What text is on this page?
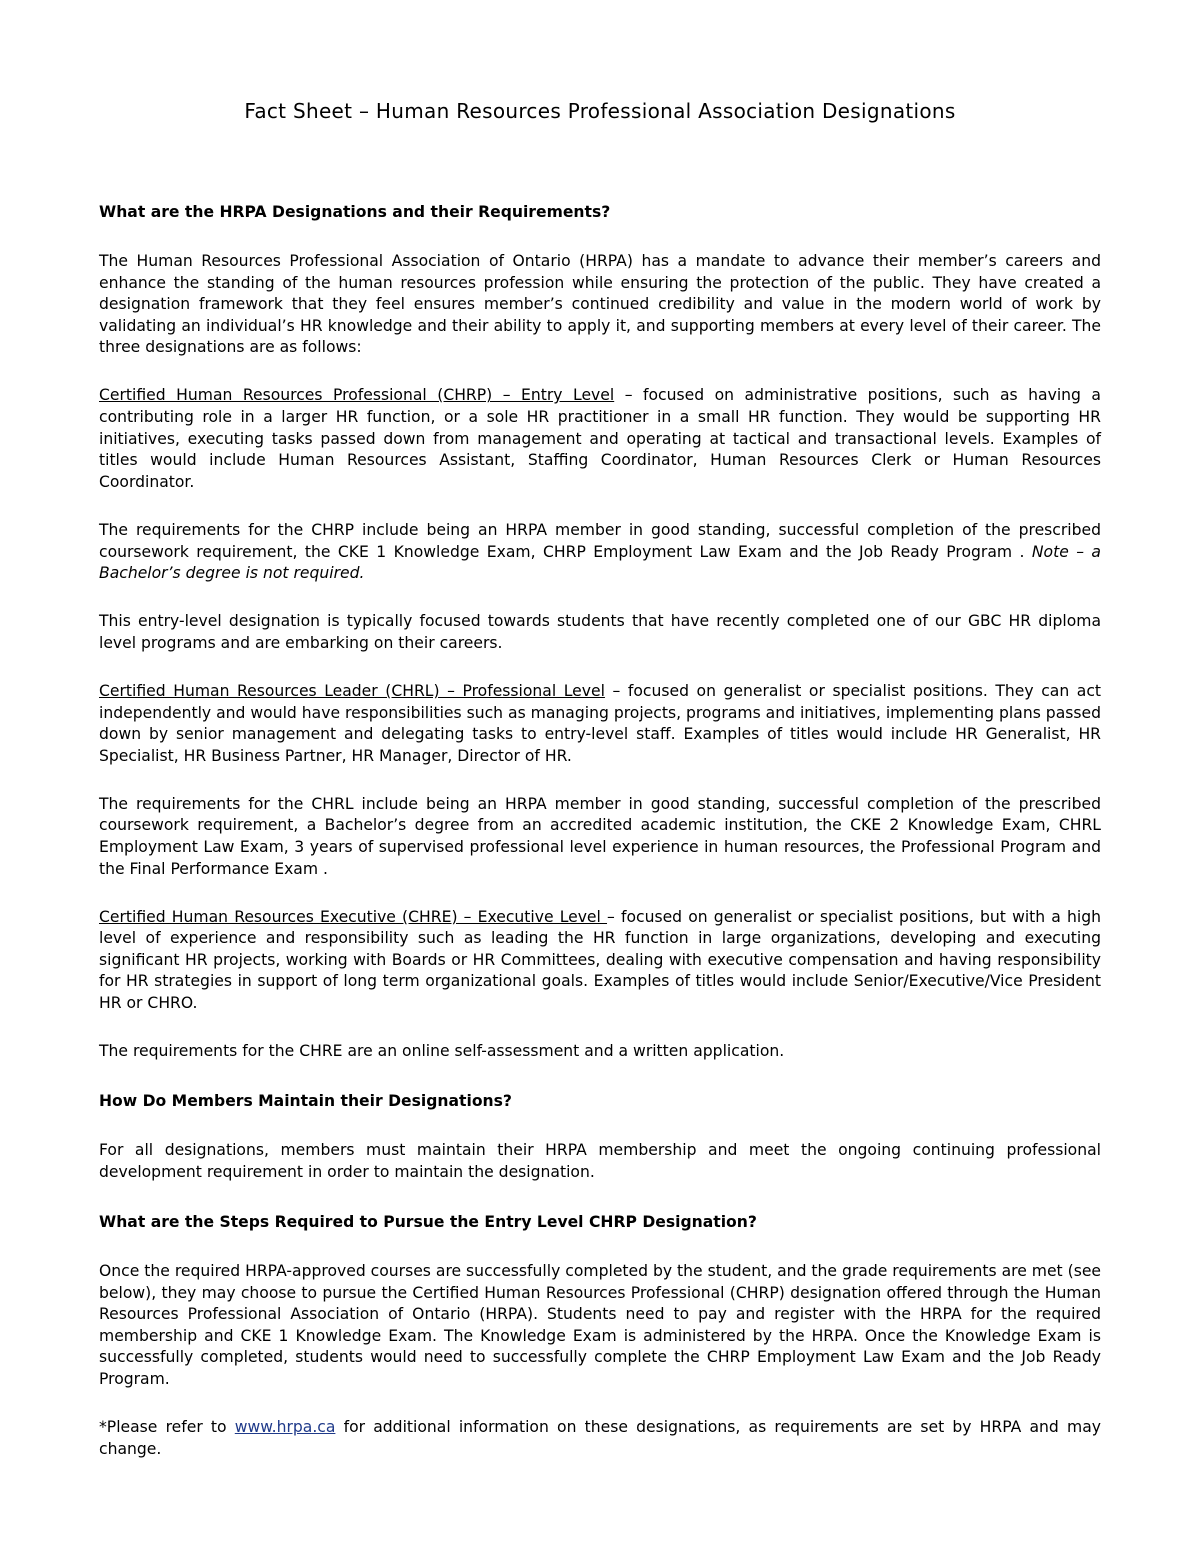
Fact Sheet – Human Resources Professional Association Designations
What are the HRPA Designations and their Requirements?

The Human Resources Professional Association of Ontario (HRPA) has a mandate to advance their member’s careers and enhance the standing of the human resources profession while ensuring the protection of the public. They have created a designation framework that they feel ensures member’s continued credibility and value in the modern world of work by validating an individual’s HR knowledge and their ability to apply it, and supporting members at every level of their career. The three designations are as follows:

Certified Human Resources Professional (CHRP) – Entry Level – focused on administrative positions, such as having a contributing role in a larger HR function, or a sole HR practitioner in a small HR function. They would be supporting HR initiatives, executing tasks passed down from management and operating at tactical and transactional levels. Examples of titles would include Human Resources Assistant, Staffing Coordinator, Human Resources Clerk or Human Resources Coordinator.

The requirements for the CHRP include being an HRPA member in good standing, successful completion of the prescribed coursework requirement, the CKE 1 Knowledge Exam, CHRP Employment Law Exam and the Job Ready Program . Note – a Bachelor’s degree is not required.

This entry-level designation is typically focused towards students that have recently completed one of our GBC HR diploma level programs and are embarking on their careers.

Certified Human Resources Leader (CHRL) – Professional Level – focused on generalist or specialist positions. They can act independently and would have responsibilities such as managing projects, programs and initiatives, implementing plans passed down by senior management and delegating tasks to entry-level staff. Examples of titles would include HR Generalist, HR Specialist, HR Business Partner, HR Manager, Director of HR.

The requirements for the CHRL include being an HRPA member in good standing, successful completion of the prescribed coursework requirement, a Bachelor’s degree from an accredited academic institution, the CKE 2 Knowledge Exam, CHRL Employment Law Exam, 3 years of supervised professional level experience in human resources, the Professional Program and the Final Performance Exam .

Certified Human Resources Executive (CHRE) – Executive Level – focused on generalist or specialist positions, but with a high level of experience and responsibility such as leading the HR function in large organizations, developing and executing significant HR projects, working with Boards or HR Committees, dealing with executive compensation and having responsibility for HR strategies in support of long term organizational goals. Examples of titles would include Senior/Executive/Vice President HR or CHRO.

The requirements for the CHRE are an online self-assessment and a written application.

How Do Members Maintain their Designations?

For all designations, members must maintain their HRPA membership and meet the ongoing continuing professional development requirement in order to maintain the designation.

What are the Steps Required to Pursue the Entry Level CHRP Designation?

Once the required HRPA-approved courses are successfully completed by the student, and the grade requirements are met (see below), they may choose to pursue the Certified Human Resources Professional (CHRP) designation offered through the Human Resources Professional Association of Ontario (HRPA). Students need to pay and register with the HRPA for the required membership and CKE 1 Knowledge Exam. The Knowledge Exam is administered by the HRPA. Once the Knowledge Exam is successfully completed, students would need to successfully complete the CHRP Employment Law Exam and the Job Ready Program.

*Please refer to www.hrpa.ca for additional information on these designations, as requirements are set by HRPA and may change.
